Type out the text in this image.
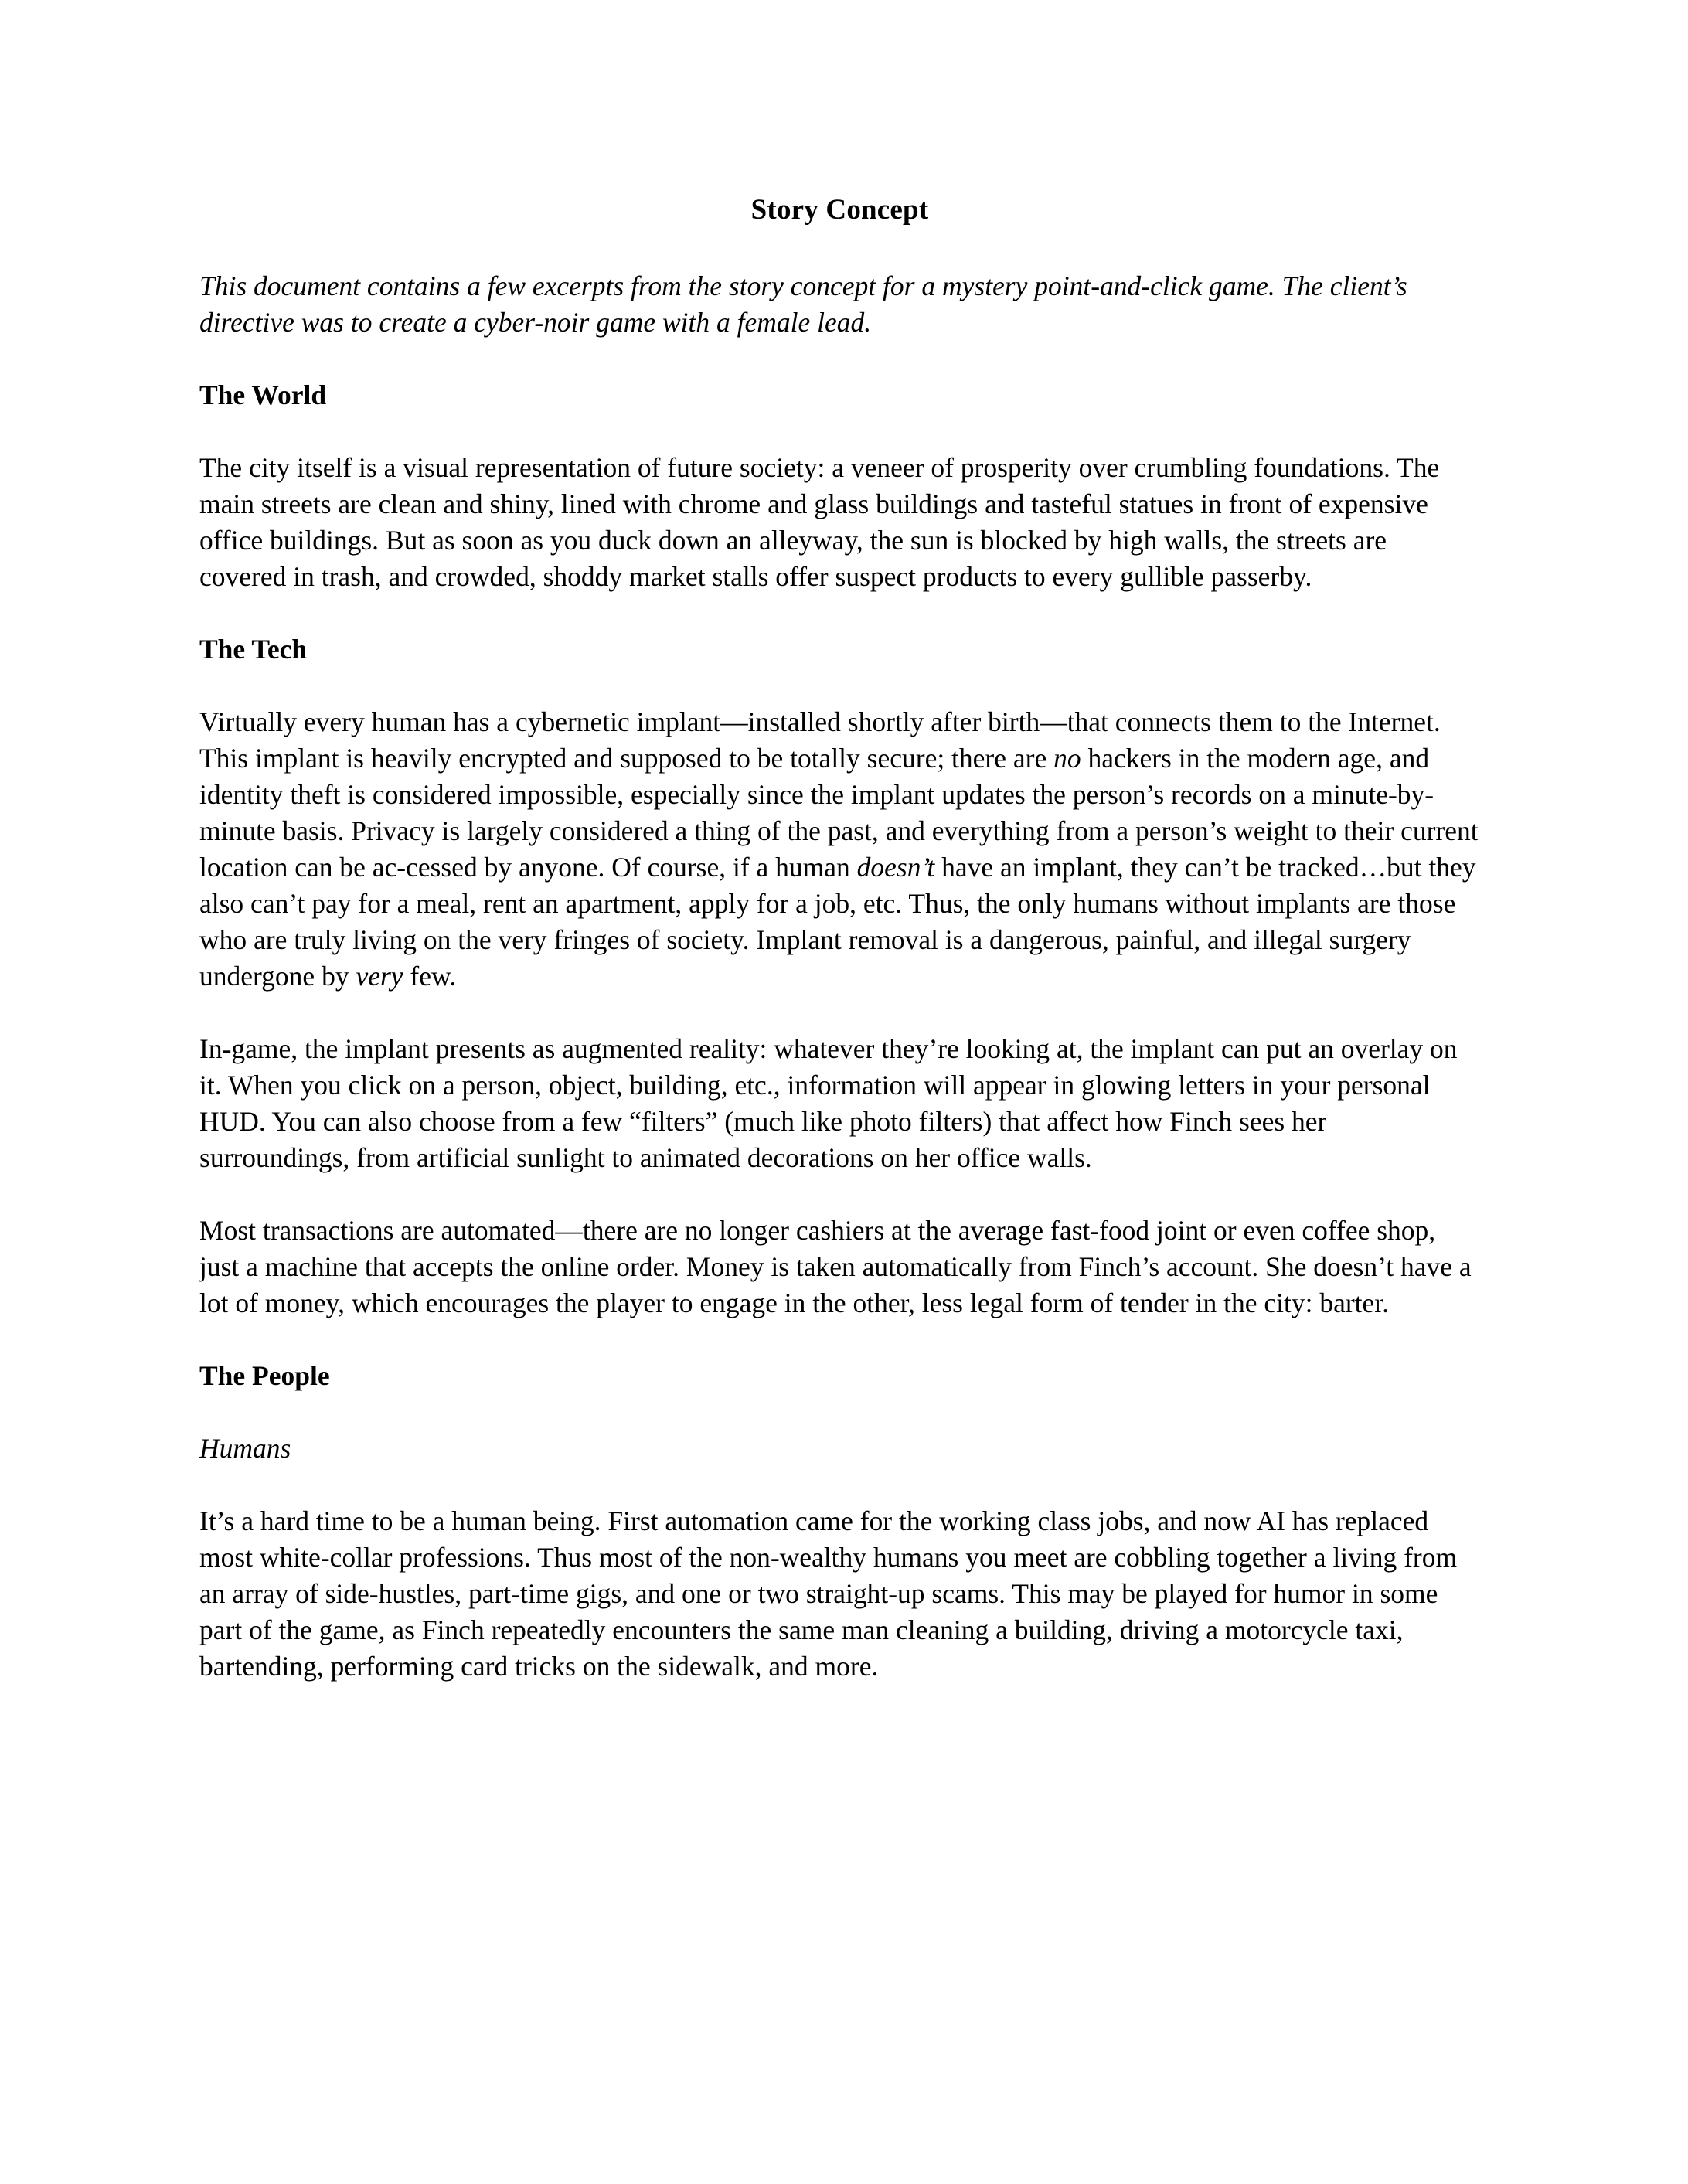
Story Concept

This document contains a few excerpts from the story concept for a mystery point-and-click game. The client’s directive was to create a cyber-noir game with a female lead.

The World

The city itself is a visual representation of future society: a veneer of prosperity over crumbling foundations. The main streets are clean and shiny, lined with chrome and glass buildings and tasteful statues in front of expensive office buildings. But as soon as you duck down an alleyway, the sun is blocked by high walls, the streets are covered in trash, and crowded, shoddy market stalls offer suspect products to every gullible passerby.

The Tech

Virtually every human has a cybernetic implant—installed shortly after birth—that connects them to the Internet. This implant is heavily encrypted and supposed to be totally secure; there are no hackers in the modern age, and identity theft is considered impossible, especially since the implant updates the person’s records on a minute-by-minute basis. Privacy is largely considered a thing of the past, and everything from a person’s weight to their current location can be ac-cessed by anyone. Of course, if a human doesn’t have an implant, they can’t be tracked…but they also can’t pay for a meal, rent an apartment, apply for a job, etc. Thus, the only humans without implants are those who are truly living on the very fringes of society. Implant removal is a dangerous, painful, and illegal surgery undergone by very few.

In-game, the implant presents as augmented reality: whatever they’re looking at, the implant can put an overlay on it. When you click on a person, object, building, etc., information will appear in glowing letters in your personal HUD. You can also choose from a few “filters” (much like photo filters) that affect how Finch sees her surroundings, from artificial sunlight to animated decorations on her office walls.

Most transactions are automated—there are no longer cashiers at the average fast-food joint or even coffee shop, just a machine that accepts the online order. Money is taken automatically from Finch’s account. She doesn’t have a lot of money, which encourages the player to engage in the other, less legal form of tender in the city: barter.

The People
Humans

It’s a hard time to be a human being. First automation came for the working class jobs, and now AI has replaced most white-collar professions. Thus most of the non-wealthy humans you meet are cobbling together a living from an array of side-hustles, part-time gigs, and one or two straight-up scams. This may be played for humor in some part of the game, as Finch repeatedly encounters the same man cleaning a building, driving a motorcycle taxi, bartending, performing card tricks on the sidewalk, and more.
